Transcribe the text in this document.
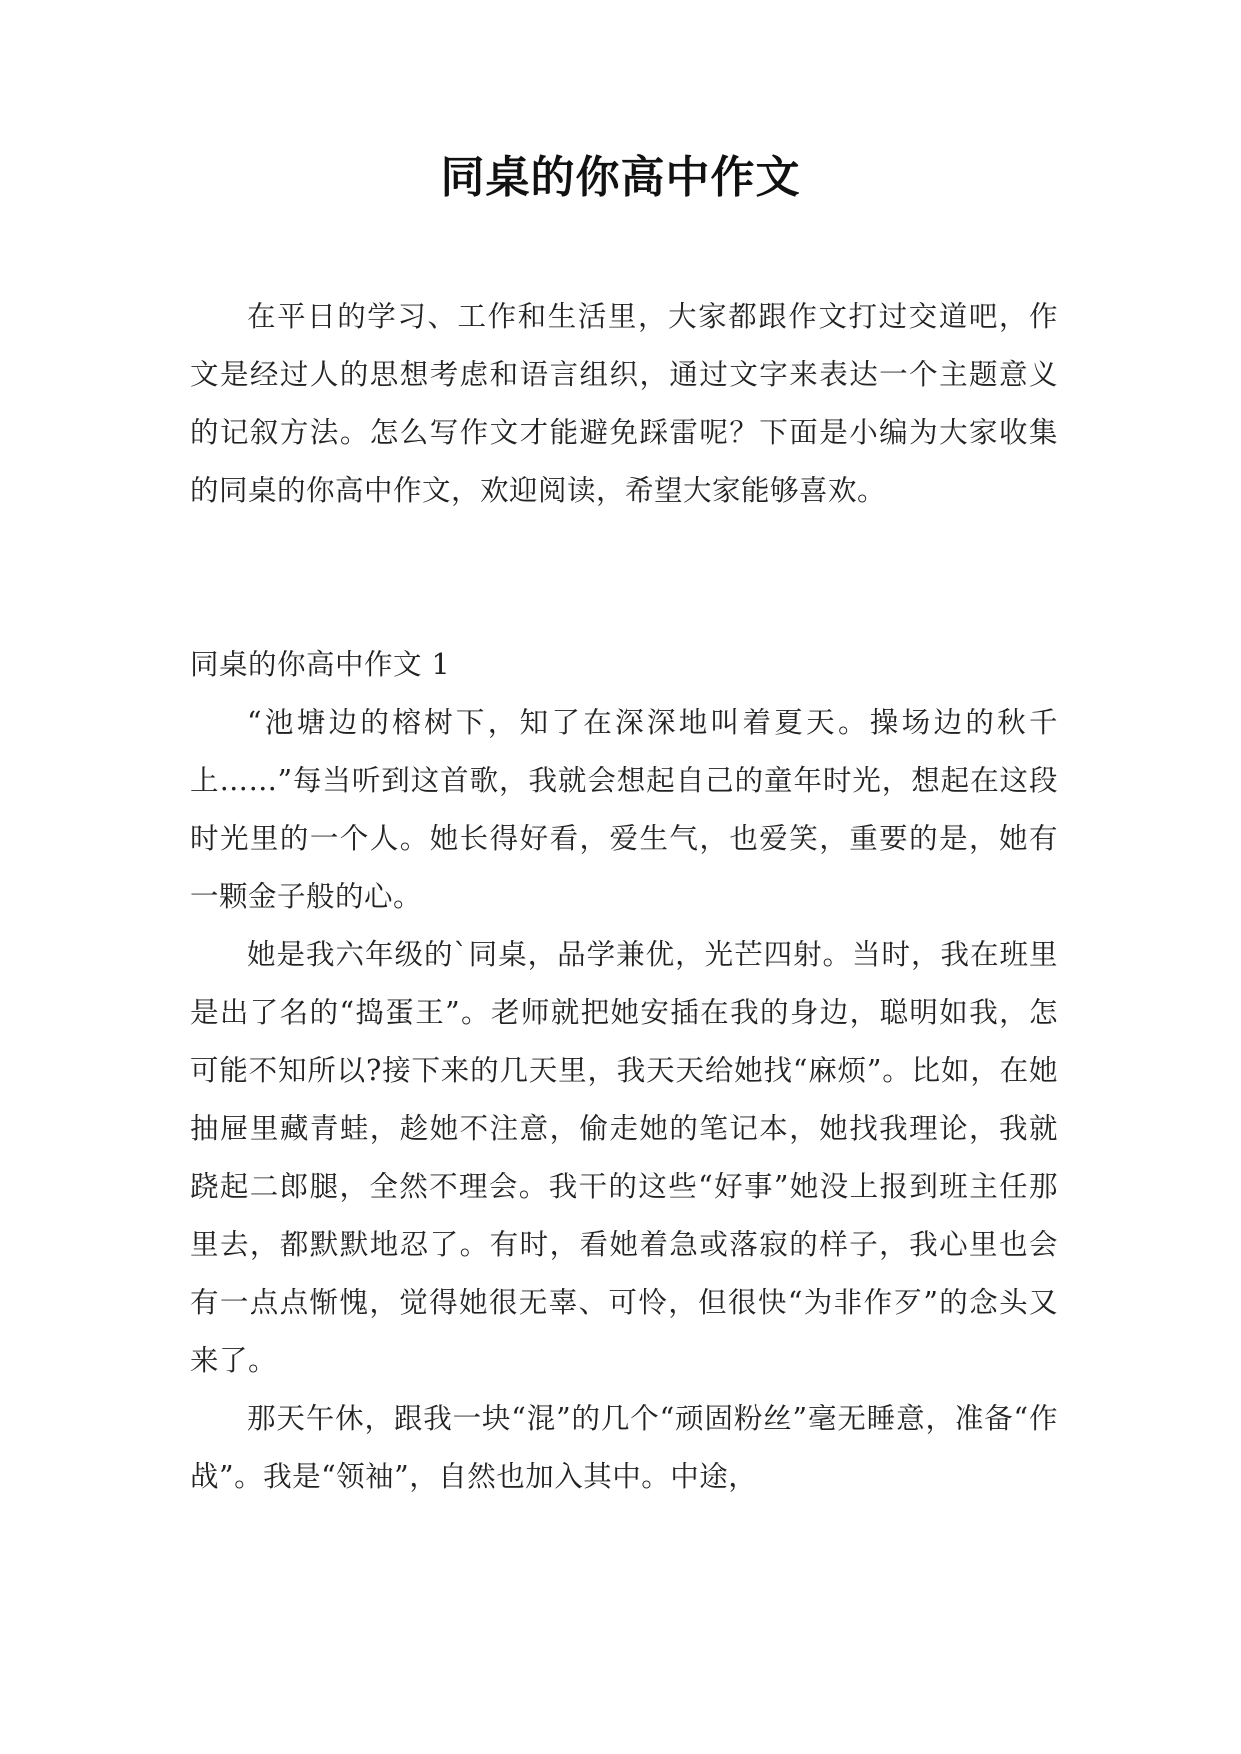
同桌的你高中作文

在平日的学习、工作和生活里，大家都跟作文打过交道吧，作文是经过人的思想考虑和语言组织，通过文字来表达一个主题意义的记叙方法。怎么写作文才能避免踩雷呢？下面是小编为大家收集的同桌的你高中作文，欢迎阅读，希望大家能够喜欢。

同桌的你高中作文 1

“池塘边的榕树下，知了在深深地叫着夏天。操场边的秋千上……”每当听到这首歌，我就会想起自己的童年时光，想起在这段时光里的一个人。她长得好看，爱生气，也爱笑，重要的是，她有一颗金子般的心。

她是我六年级的`同桌，品学兼优，光芒四射。当时，我在班里是出了名的“捣蛋王”。老师就把她安插在我的身边，聪明如我，怎可能不知所以?接下来的几天里，我天天给她找“麻烦”。比如，在她抽屉里藏青蛙，趁她不注意，偷走她的笔记本，她找我理论，我就跷起二郎腿，全然不理会。我干的这些“好事”她没上报到班主任那里去，都默默地忍了。有时，看她着急或落寂的样子，我心里也会有一点点惭愧，觉得她很无辜、可怜，但很快“为非作歹”的念头又来了。

那天午休，跟我一块“混”的几个“顽固粉丝”毫无睡意，准备“作战”。我是“领袖”，自然也加入其中。中途，
